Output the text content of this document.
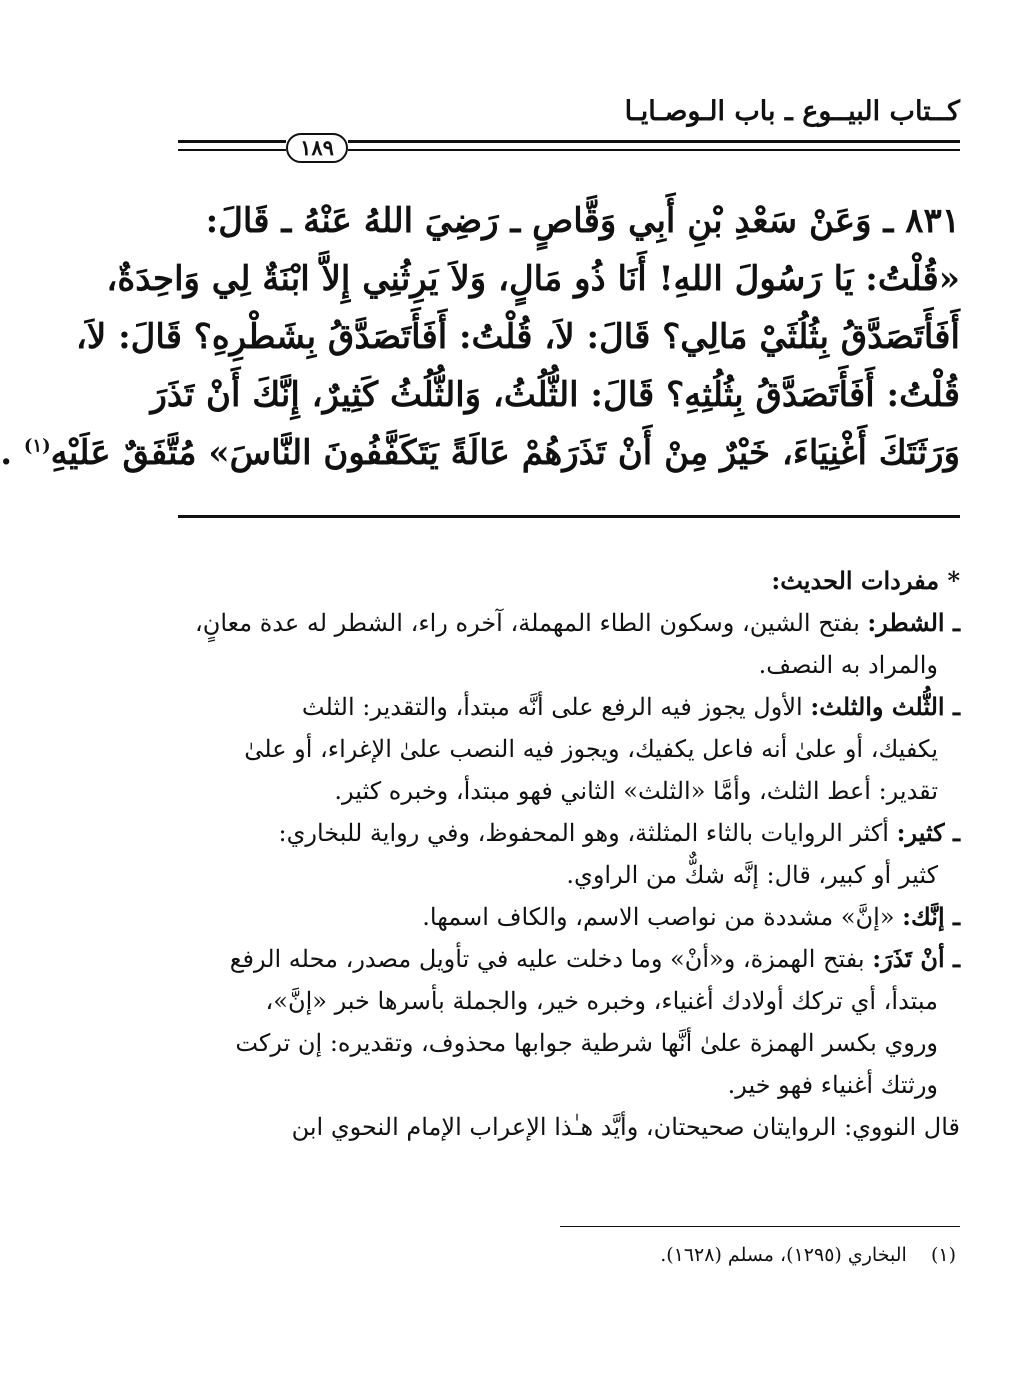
كــتاب البيــوع ـ باب الـوصـايـا
١٨٩

٨٣١ ـ وَعَنْ سَعْدِ بْنِ أَبِي وَقَّاصٍ ـ رَضِيَ اللهُ عَنْهُ ـ قَالَ:

«قُلْتُ: يَا رَسُولَ اللهِ! أَنَا ذُو مَالٍ، وَلاَ يَرِثُنِي إِلاَّ ابْنَةٌ لِي وَاحِدَةٌ،

أَفَأَتَصَدَّقُ بِثُلُثَيْ مَالِي؟ قَالَ: لاَ، قُلْتُ: أَفَأَتَصَدَّقُ بِشَطْرِهِ؟ قَالَ: لاَ،

قُلْتُ: أَفَأَتَصَدَّقُ بِثُلُثِهِ؟ قَالَ: الثُّلُثُ، وَالثُّلُثُ كَثِيرٌ، إِنَّكَ أَنْ تَذَرَ

وَرَثَتَكَ أَغْنِيَاءَ، خَيْرٌ مِنْ أَنْ تَذَرَهُمْ عَالَةً يَتَكَفَّفُونَ النَّاسَ» مُتَّفَقٌ عَلَيْهِ$^{(١)}$ .

* مفردات الحديث:

ـ الشطر: بفتح الشين، وسكون الطاء المهملة، آخره راء، الشطر له عدة معانٍ،

والمراد به النصف.

ـ الثُّلث والثلث: الأول يجوز فيه الرفع على أنَّه مبتدأ، والتقدير: الثلث

يكفيك، أو علىٰ أنه فاعل يكفيك، ويجوز فيه النصب علىٰ الإغراء، أو علىٰ

تقدير: أعط الثلث، وأمَّا «الثلث» الثاني فهو مبتدأ، وخبره كثير.

ـ كثير: أكثر الروايات بالثاء المثلثة، وهو المحفوظ، وفي رواية للبخاري:

كثير أو كبير، قال: إنَّه شكٌّ من الراوي.

ـ إنَّك: «إنَّ» مشددة من نواصب الاسم، والكاف اسمها.

ـ أنْ تَذَرَ: بفتح الهمزة، و«أنْ» وما دخلت عليه في تأويل مصدر، محله الرفع

مبتدأ، أي تركك أولادك أغنياء، وخبره خير، والجملة بأسرها خبر «إنَّ»،

وروي بكسر الهمزة علىٰ أنَّها شرطية جوابها محذوف، وتقديره: إن تركت

ورثتك أغنياء فهو خير.

قال النووي: الروايتان صحيحتان، وأيَّد هـٰذا الإعراب الإمام النحوي ابن

(١)    البخاري (١٢٩٥)، مسلم (١٦٢٨).
